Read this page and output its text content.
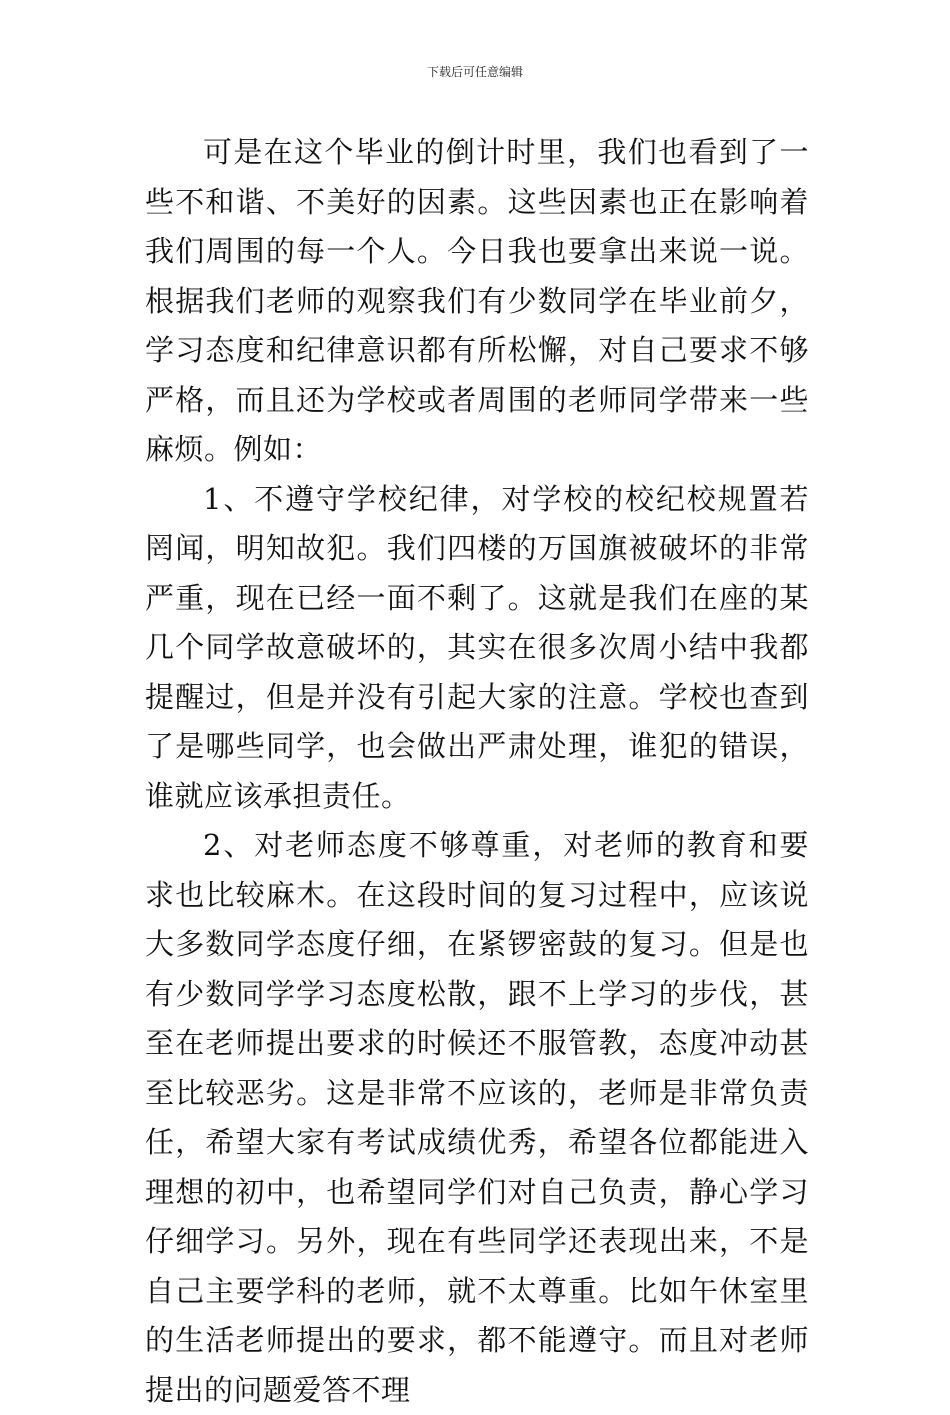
下载后可任意编辑

可是在这个毕业的倒计时里，我们也看到了一些不和谐、不美好的因素。这些因素也正在影响着我们周围的每一个人。今日我也要拿出来说一说。根据我们老师的观察我们有少数同学在毕业前夕，学习态度和纪律意识都有所松懈，对自己要求不够严格，而且还为学校或者周围的老师同学带来一些麻烦。例如：

1、不遵守学校纪律，对学校的校纪校规置若罔闻，明知故犯。我们四楼的万国旗被破坏的非常严重，现在已经一面不剩了。这就是我们在座的某几个同学故意破坏的，其实在很多次周小结中我都提醒过，但是并没有引起大家的注意。学校也查到了是哪些同学，也会做出严肃处理，谁犯的错误，谁就应该承担责任。

2、对老师态度不够尊重，对老师的教育和要求也比较麻木。在这段时间的复习过程中，应该说大多数同学态度仔细，在紧锣密鼓的复习。但是也有少数同学学习态度松散，跟不上学习的步伐，甚至在老师提出要求的时候还不服管教，态度冲动甚至比较恶劣。这是非常不应该的，老师是非常负责任，希望大家有考试成绩优秀，希望各位都能进入理想的初中，也希望同学们对自己负责，静心学习仔细学习。另外，现在有些同学还表现出来，不是自己主要学科的老师，就不太尊重。比如午休室里的生活老师提出的要求，都不能遵守。而且对老师提出的问题爱答不理
